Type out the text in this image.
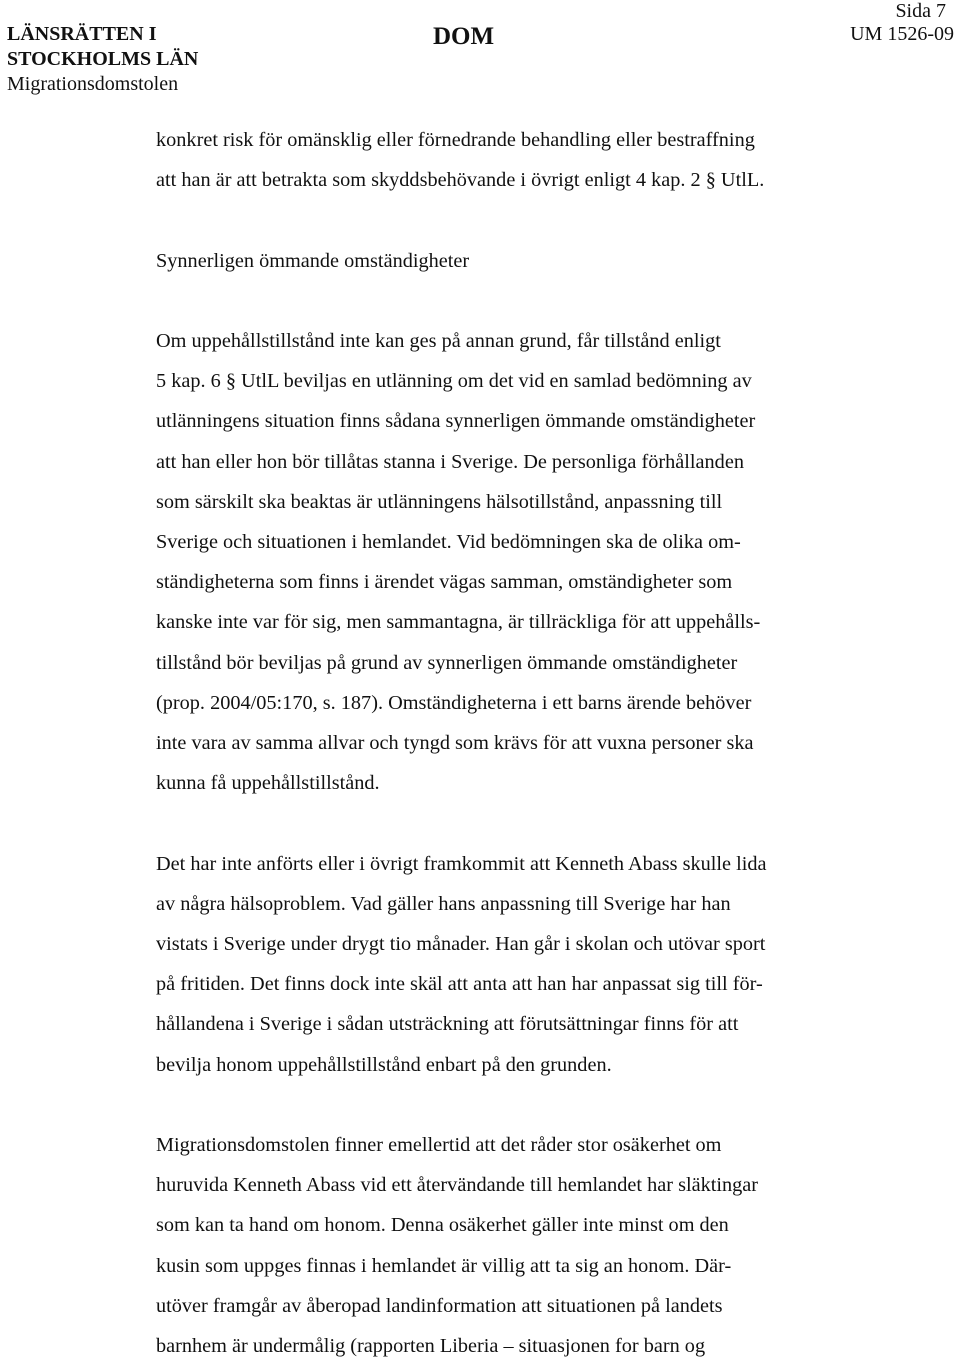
LÄNSRÄTTEN I
STOCKHOLMS LÄN
Migrationsdomstolen
DOM
Sida 7
UM 1526-09

konkret risk för omänsklig eller förnedrande behandling eller bestraffning
att han är att betrakta som skyddsbehövande i övrigt enligt 4 kap. 2 § UtlL.

Synnerligen ömmande omständigheter

Om uppehållstillstånd inte kan ges på annan grund, får tillstånd enligt
5 kap. 6 § UtlL beviljas en utlänning om det vid en samlad bedömning av
utlänningens situation finns sådana synnerligen ömmande omständigheter
att han eller hon bör tillåtas stanna i Sverige. De personliga förhållanden
som särskilt ska beaktas är utlänningens hälsotillstånd, anpassning till
Sverige och situationen i hemlandet. Vid bedömningen ska de olika om-
ständigheterna som finns i ärendet vägas samman, omständigheter som
kanske inte var för sig, men sammantagna, är tillräckliga för att uppehålls-
tillstånd bör beviljas på grund av synnerligen ömmande omständigheter
(prop. 2004/05:170, s. 187). Omständigheterna i ett barns ärende behöver
inte vara av samma allvar och tyngd som krävs för att vuxna personer ska
kunna få uppehållstillstånd.

Det har inte anförts eller i övrigt framkommit att Kenneth Abass skulle lida
av några hälsoproblem. Vad gäller hans anpassning till Sverige har han
vistats i Sverige under drygt tio månader. Han går i skolan och utövar sport
på fritiden. Det finns dock inte skäl att anta att han har anpassat sig till för-
hållandena i Sverige i sådan utsträckning att förutsättningar finns för att
bevilja honom uppehållstillstånd enbart på den grunden.

Migrationsdomstolen finner emellertid att det råder stor osäkerhet om
huruvida Kenneth Abass vid ett återvändande till hemlandet har släktingar
som kan ta hand om honom. Denna osäkerhet gäller inte minst om den
kusin som uppges finnas i hemlandet är villig att ta sig an honom. Där-
utöver framgår av åberopad landinformation att situationen på landets
barnhem är undermålig (rapporten Liberia – situasjonen for barn og
